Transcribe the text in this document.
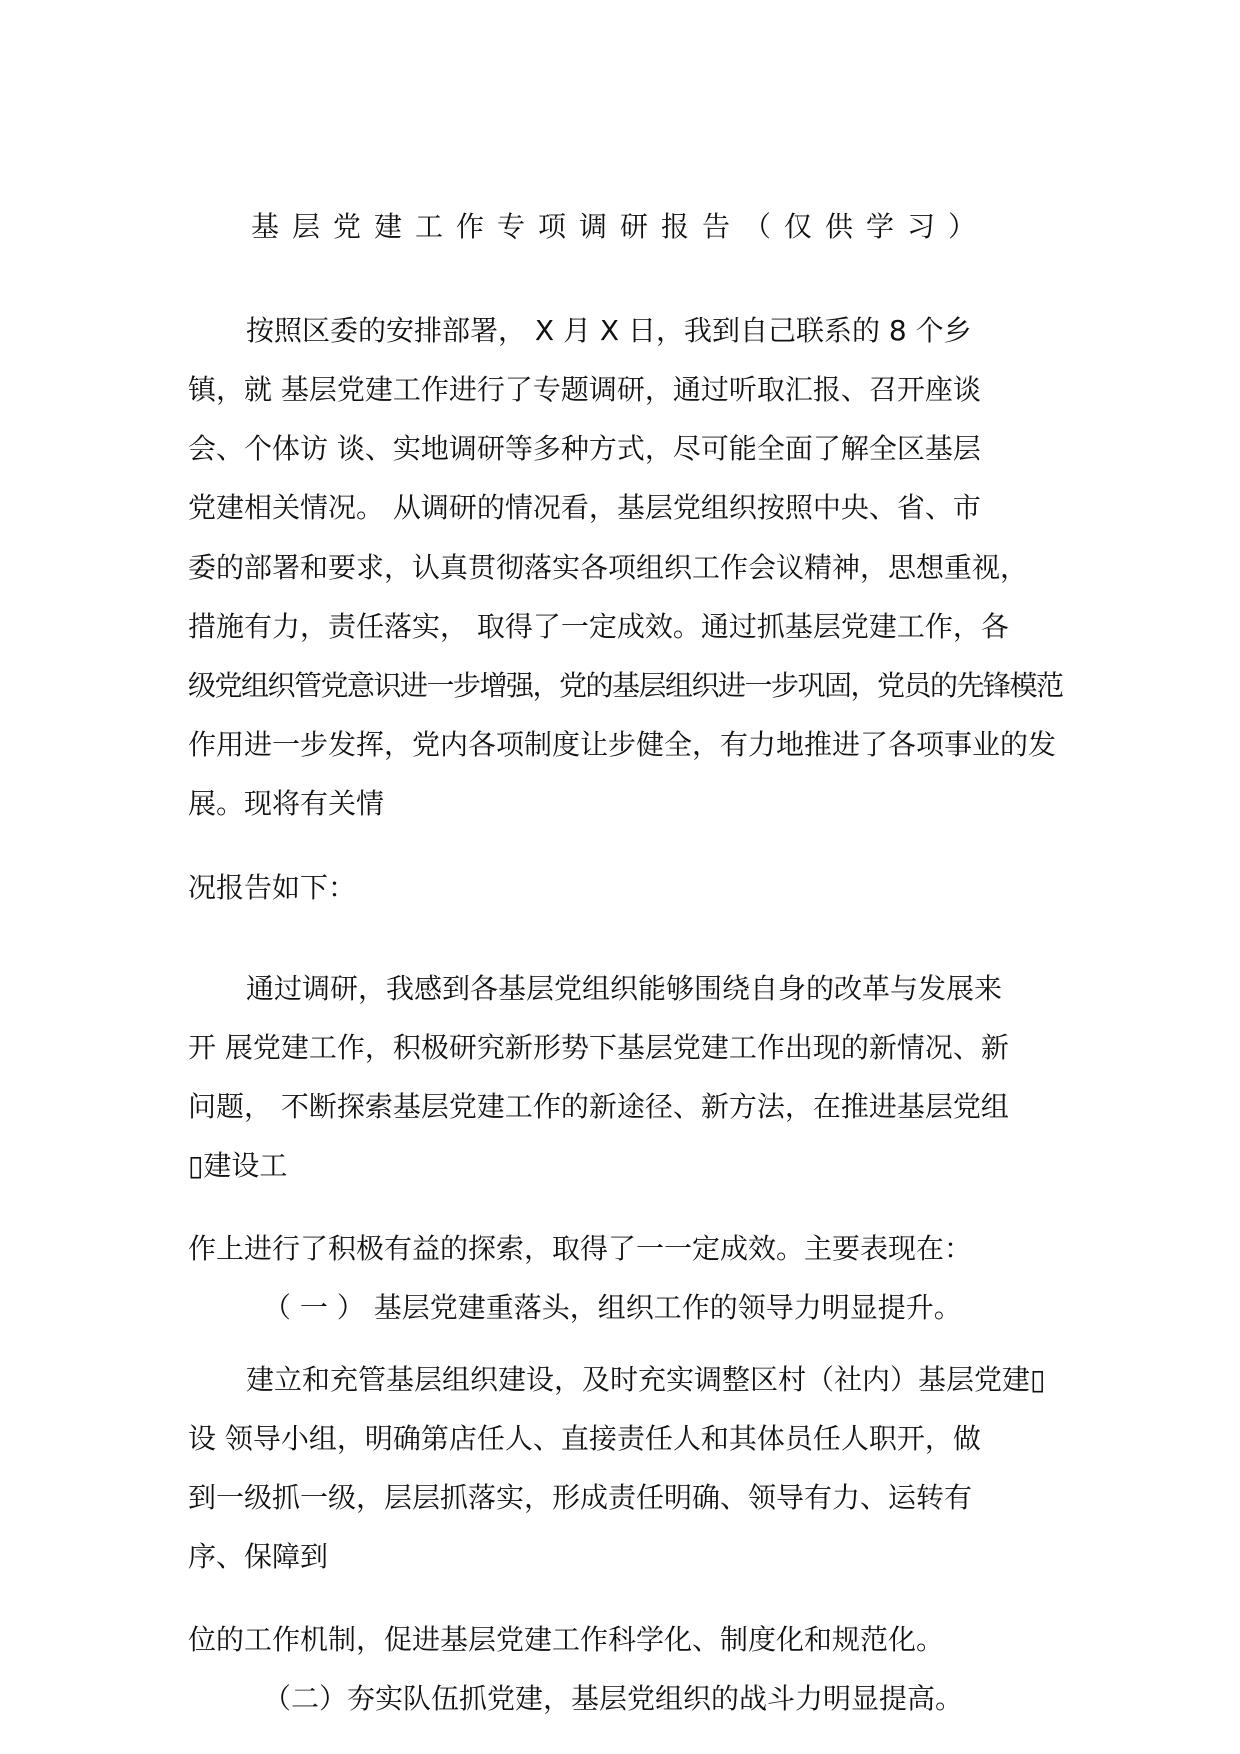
基层党建工作专项调研报告（仅供学习）
按照区委的安排部署， X 月 X 日，我到自己联系的 8 个乡
镇，就 基层党建工作进行了专题调研，通过听取汇报、召开座谈
会、个体访 谈、实地调研等多种方式，尽可能全面了解全区基层
党建相关情况。 从调研的情况看，基层党组织按照中央、省、市
委的部署和要求，认真贯彻落实各项组织工作会议精神，思想重视，
措施有力，责任落实， 取得了一定成效。通过抓基层党建工作，各
级党组织管党意识进一步增强，党的基层组织进一步巩固，党员的先锋模范
作用进一步发挥，党内各项制度让步健全，有力地推进了各项事业的发
展。现将有关情
况报告如下：
通过调研，我感到各基层党组织能够围绕自身的改革与发展来
开 展党建工作，积极研究新形势下基层党建工作出现的新情况、新
问题， 不断探索基层党建工作的新途径、新方法，在推进基层党组
▯建设工
作上进行了积极有益的探索，取得了一一定成效。主要表现在：
（ 一 ） 基层党建重落头，组织工作的领导力明显提升。
建立和充管基层组织建设，及时充实调整区村（社内）基层党建▯
设 领导小组，明确第店任人、直接责任人和其体员任人职开，做
到一级抓一级，层层抓落实，形成责任明确、领导有力、运转有
序、保障到
位的工作机制，促进基层党建工作科学化、制度化和规范化。
（二）夯实队伍抓党建，基层党组织的战斗力明显提高。
